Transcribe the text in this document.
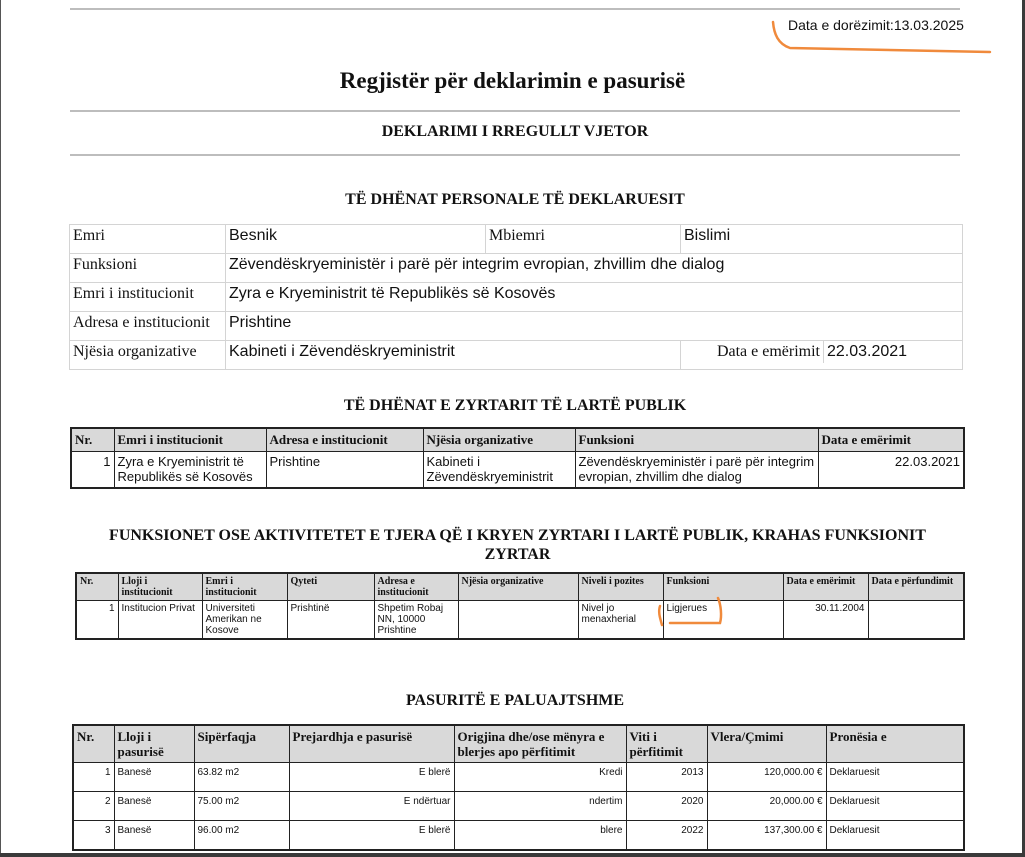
Data e dorëzimit:13.03.2025
Regjistër për deklarimin e pasurisë
DEKLARIMI I RREGULLT VJETOR
TË DHËNAT PERSONALE TË DEKLARUESIT
Emri	Besnik	Mbiemri	Bislimi
Funksioni	Zëvendëskryeministër i parë për integrim evropian, zhvillim dhe dialog
Emri i institucionit	Zyra e Kryeministrit të Republikës së Kosovës
Adresa e institucionit	Prishtine
Njësia organizative	Kabineti i Zëvendëskryeministrit		Data e emërimit	22.03.2021
TË DHËNAT E ZYRTARIT TË LARTË PUBLIK
Nr.	Emri i institucionit	Adresa e institucionit	Njësia organizative	Funksioni	Data e emërimit
1	Zyra e Kryeministrit të Republikës së Kosovës	Prishtine	Kabineti i Zëvendëskryeministrit	Zëvendëskryeministër i parë për integrim evropian, zhvillim dhe dialog	22.03.2021
FUNKSIONET OSE AKTIVITETET E TJERA QË I KRYEN ZYRTARI I LARTË PUBLIK, KRAHAS FUNKSIONIT ZYRTAR
Nr.	Lloji i institucionit	Emri i institucionit	Qyteti	Adresa e institucionit	Njësia organizative	Niveli i pozites	Funksioni	Data e emërimit	Data e përfundimit
1	Institucion Privat	Universiteti Amerikan ne Kosove	Prishtinë	Shpetim Robaj NN, 10000 Prishtine		Nivel jo menaxherial	Ligjerues	30.11.2004	
PASURITË E PALUAJTSHME
Nr.	Lloji i pasurisë	Sipërfaqja	Prejardhja e pasurisë	Origjina dhe/ose mënyra e blerjes apo përfitimit	Viti i përfitimit	Vlera/Çmimi	Pronësia e
1	Banesë	63.82 m2	E blerë	Kredi	2013	120,000.00 €	Deklaruesit
2	Banesë	75.00 m2	E ndërtuar	ndertim	2020	20,000.00 €	Deklaruesit
3	Banesë	96.00 m2	E blerë	blere	2022	137,300.00 €	Deklaruesit
